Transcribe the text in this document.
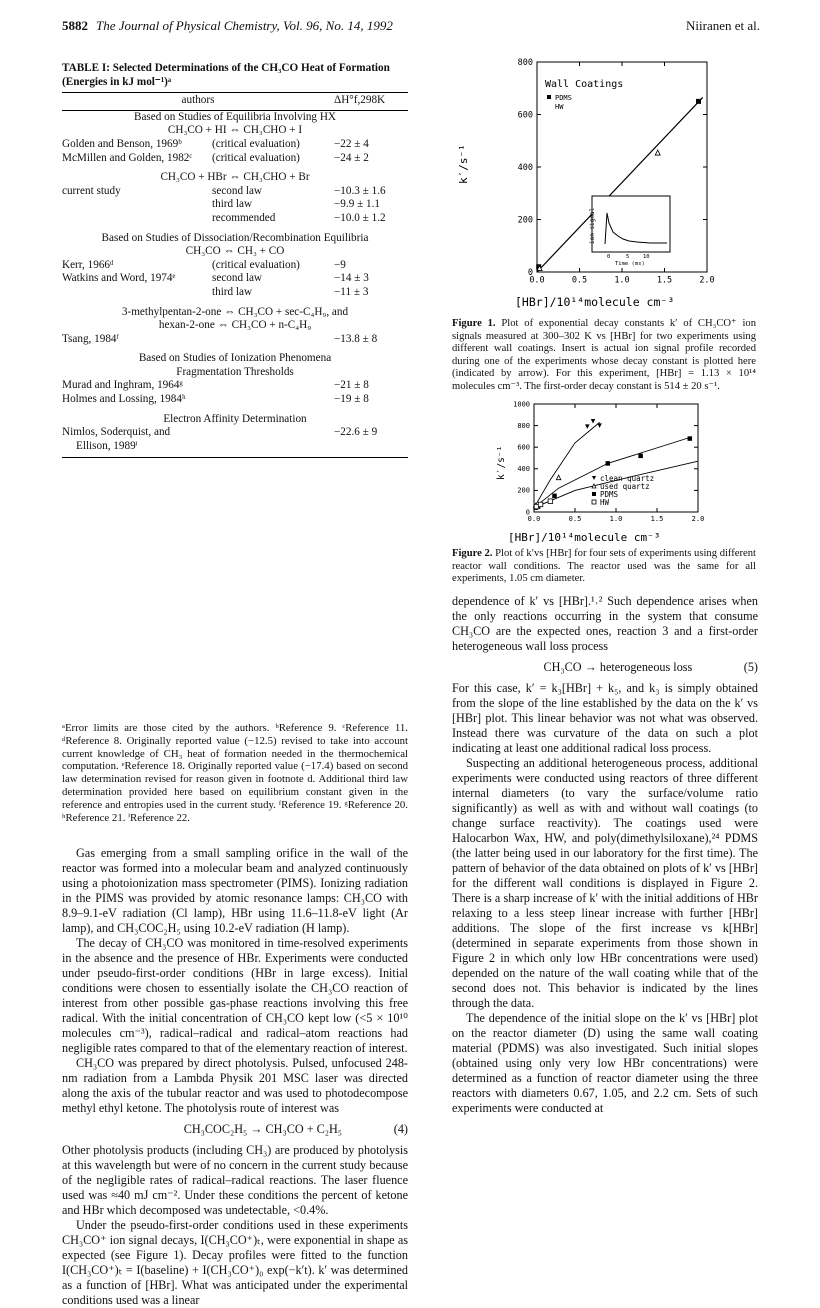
5882 The Journal of Physical Chemistry, Vol. 96, No. 14, 1992	Niiranen et al.
TABLE I: Selected Determinations of the CH₃CO Heat of Formation (Energies in kJ mol⁻¹)ᵃ
authors	ΔH°f,298K
Based on Studies of Equilibria Involving HX
CH₃CO + HI ⇔ CH₃CHO + I
Golden and Benson, 1969ᵇ	(critical evaluation)	−22 ± 4
McMillen and Golden, 1982ᶜ	(critical evaluation)	−24 ± 2
CH₃CO + HBr ⇔ CH₃CHO + Br
current study	second law	−10.3 ± 1.6
third law	−9.9 ± 1.1
recommended	−10.0 ± 1.2
Based on Studies of Dissociation/Recombination Equilibria
CH₃CO ⇔ CH₃ + CO
Kerr, 1966ᵈ	(critical evaluation)	−9
Watkins and Word, 1974ᵉ	second law	−14 ± 3
third law	−11 ± 3
3-methylpentan-2-one ⇔ CH₃CO + sec-C₄H₉, and
hexan-2-one ⇔ CH₃CO + n-C₄H₉
Tsang, 1984ᶠ	−13.8 ± 8
Based on Studies of Ionization Phenomena
Fragmentation Thresholds
Murad and Inghram, 1964ᵍ	−21 ± 8
Holmes and Lossing, 1984ʰ	−19 ± 8
Electron Affinity Determination
Nimlos, Soderquist, and	−22.6 ± 9
Ellison, 1989ⁱ
ᵃError limits are those cited by the authors. ᵇReference 9. ᶜReference 11. ᵈReference 8. Originally reported value (−12.5) revised to take into account current knowledge of CH₃ heat of formation needed in the thermochemical computation. ᵉReference 18. Originally reported value (−17.4) based on second law determination revised for reason given in footnote d. Additional third law determination provided here based on equilibrium constant given in the reference and entropies used in the current study. ᶠReference 19. ᵍReference 20. ʰReference 21. ⁱReference 22.

Gas emerging from a small sampling orifice in the wall of the reactor was formed into a molecular beam and analyzed continuously using a photoionization mass spectrometer (PIMS). Ionizing radiation in the PIMS was provided by atomic resonance lamps: CH₃CO with 8.9–9.1-eV radiation (Cl lamp), HBr using 11.6–11.8-eV light (Ar lamp), and CH₃COC₂H₅ using 10.2-eV radiation (H lamp).

The decay of CH₃CO was monitored in time-resolved experiments in the absence and the presence of HBr. Experiments were conducted under pseudo-first-order conditions (HBr in large excess). Initial conditions were chosen to essentially isolate the CH₃CO reaction of interest from other possible gas-phase reactions involving this free radical. With the initial concentration of CH₃CO kept low (<5 × 10¹⁰ molecules cm⁻³), radical–radical and radical–atom reactions had negligible rates compared to that of the elementary reaction of interest.

CH₃CO was prepared by direct photolysis. Pulsed, unfocused 248-nm radiation from a Lambda Physik 201 MSC laser was directed along the axis of the tubular reactor and was used to photodecompose methyl ethyl ketone. The photolysis route of interest was

CH₃COC₂H₅ → CH₃CO + C₂H₅	(4)

Other photolysis products (including CH₃) are produced by photolysis at this wavelength but were of no concern in the current study because of the negligible rates of radical–radical reactions. The laser fluence used was ≈40 mJ cm⁻². Under these conditions the percent of ketone and HBr which decomposed was undetectable, <0.4%.

Under the pseudo-first-order conditions used in these experiments CH₃CO⁺ ion signal decays, I(CH₃CO⁺)ₜ, were exponential in shape as expected (see Figure 1). Decay profiles were fitted to the function I(CH₃CO⁺)ₜ = I(baseline) + I(CH₃CO⁺)₀ exp(−k′t). k′ was determined as a function of [HBr]. What was anticipated under the experimental conditions used was a linear

0.0	0.5	1.0	1.5	2.0
0
200
400
600
800
k′/s⁻¹
Wall Coatings
PDMS
HW
ion signal
0	5 10
Time (ms)
[HBr]/10¹⁴molecule cm⁻³
Figure 1. Plot of exponential decay constants k′ of CH₃CO⁺ ion signals measured at 300–302 K vs [HBr] for two experiments using different wall coatings. Insert is actual ion signal profile recorded during one of the experiments whose decay constant is plotted here (indicated by arrow). For this experiment, [HBr] = 1.13 × 10¹⁴ molecules cm⁻³. The first-order decay constant is 514 ± 20 s⁻¹.
0.0	0.5	1.0	1.5	2.0
0
200
400
600
800
1000
k′/s⁻¹	clean quartz
used quartz
PDMS
HW
[HBr]/10¹⁴molecule cm⁻³
Figure 2. Plot of k′vs [HBr] for four sets of experiments using different reactor wall conditions. The reactor used was the same for all experiments, 1.05 cm diameter.

dependence of k′ vs [HBr].¹˒² Such dependence arises when the only reactions occurring in the system that consume CH₃CO are the expected ones, reaction 3 and a first-order heterogeneous wall loss process

CH₃CO → heterogeneous loss	(5)

For this case, k′ = k₃[HBr] + k₅, and k₃ is simply obtained from the slope of the line established by the data on the k′ vs [HBr] plot. This linear behavior was not what was observed. Instead there was curvature of the data on such a plot indicating at least one additional radical loss process.

Suspecting an additional heterogeneous process, additional experiments were conducted using reactors of three different internal diameters (to vary the surface/volume ratio significantly) as well as with and without wall coatings (to change surface reactivity). The coatings used were Halocarbon Wax, HW, and poly(dimethylsiloxane),²⁴ PDMS (the latter being used in our laboratory for the first time). The pattern of behavior of the data obtained on plots of k′ vs [HBr] for the different wall conditions is displayed in Figure 2. There is a sharp increase of k′ with the initial additions of HBr relaxing to a less steep linear increase with further [HBr] additions. The slope of the first increase vs k[HBr] (determined in separate experiments from those shown in Figure 2 in which only low HBr concentrations were used) depended on the nature of the wall coating while that of the second does not. This behavior is indicated by the lines through the data.

The dependence of the initial slope on the k′ vs [HBr] plot on the reactor diameter (D) using the same wall coating material (PDMS) was also investigated. Such initial slopes (obtained using only very low HBr concentrations) were determined as a function of reactor diameter using the three reactors with diameters 0.67, 1.05, and 2.2 cm. Sets of such experiments were conducted at
